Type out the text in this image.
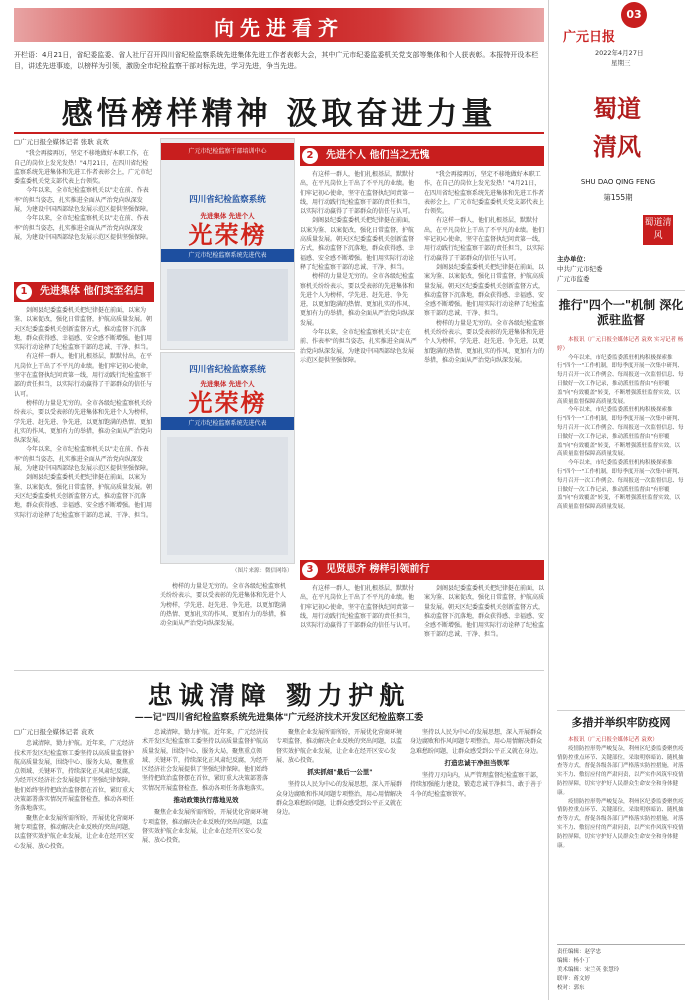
向先进看齐
开栏语：4月21日，省纪委监委、省人社厅召开四川省纪检监察系统先进集体先进工作者表彰大会，其中广元市纪委监委机关党支部等集体和个人获表彰。本报特开设本栏目，讲述先进事迹，以榜样为引领，激励全市纪检监察干部对标先进，学习先进，争当先进。
感悟榜样精神 汲取奋进力量
□广元日报全媒体记者 张耿 袁欢

"我会再接再厉，坚定不移地做好本职工作，在自己的岗位上发光发热！"4月21日，在四川省纪检监察系统先进集体和先进工作者表彰会上，广元市纪委监委机关党支部代表上台领奖。

今年以来，全市纪检监察机关以"走在前、作表率"的担当姿态，扎实推进全面从严治党向纵深发展，为建设中国西部绿色发展示范区提供坚强保障。

今年以来，全市纪检监察机关以"走在前、作表率"的担当姿态，扎实推进全面从严治党向纵深发展，为建设中国西部绿色发展示范区提供坚强保障。

1	先进集体 他们实至名归

剑阁县纪委监委机关把纪律挺在前面，以案为鉴、以案促改，强化日常监督，护航高质量发展。朝天区纪委监委机关创新监督方式，推动监督下沉落地，群众获得感、幸福感、安全感不断增强。他们用实际行动诠释了纪检监察干部的忠诚、干净、担当。

有这样一群人，他们扎根基层，默默付出，在平凡岗位上干出了不平凡的业绩。他们牢记初心使命，坚守在监督执纪问责第一线，用行动践行纪检监察干部的责任担当，以实际行动赢得了干部群众的信任与认可。

榜样的力量是无穷的。全市各级纪检监察机关纷纷表示，要以受表彰的先进集体和先进个人为榜样，学先进、赶先进、争先进，以更加饱满的热情、更加扎实的作风、更加有力的举措，推动全面从严治党向纵深发展。

今年以来，全市纪检监察机关以"走在前、作表率"的担当姿态，扎实推进全面从严治党向纵深发展，为建设中国西部绿色发展示范区提供坚强保障。

剑阁县纪委监委机关把纪律挺在前面，以案为鉴、以案促改，强化日常监督，护航高质量发展。朝天区纪委监委机关创新监督方式，推动监督下沉落地，群众获得感、幸福感、安全感不断增强。他们用实际行动诠释了纪检监察干部的忠诚、干净、担当。

广元市纪检监察干部培训中心
四川省纪检监察系统
先进集体 先进个人
光荣榜
广元市纪检监察系统先进代表
四川省纪检监察系统
先进集体 先进个人
光荣榜
广元市纪检监察系统先进代表
（图片来源：微信网络）
2	先进个人 他们当之无愧

有这样一群人，他们扎根基层，默默付出，在平凡岗位上干出了不平凡的业绩。他们牢记初心使命，坚守在监督执纪问责第一线，用行动践行纪检监察干部的责任担当，以实际行动赢得了干部群众的信任与认可。

剑阁县纪委监委机关把纪律挺在前面，以案为鉴、以案促改，强化日常监督，护航高质量发展。朝天区纪委监委机关创新监督方式，推动监督下沉落地，群众获得感、幸福感、安全感不断增强。他们用实际行动诠释了纪检监察干部的忠诚、干净、担当。

榜样的力量是无穷的。全市各级纪检监察机关纷纷表示，要以受表彰的先进集体和先进个人为榜样，学先进、赶先进、争先进，以更加饱满的热情、更加扎实的作风、更加有力的举措，推动全面从严治党向纵深发展。

今年以来，全市纪检监察机关以"走在前、作表率"的担当姿态，扎实推进全面从严治党向纵深发展，为建设中国西部绿色发展示范区提供坚强保障。

"我会再接再厉，坚定不移地做好本职工作，在自己的岗位上发光发热！"4月21日，在四川省纪检监察系统先进集体和先进工作者表彰会上，广元市纪委监委机关党支部代表上台领奖。

有这样一群人，他们扎根基层，默默付出，在平凡岗位上干出了不平凡的业绩。他们牢记初心使命，坚守在监督执纪问责第一线，用行动践行纪检监察干部的责任担当，以实际行动赢得了干部群众的信任与认可。

剑阁县纪委监委机关把纪律挺在前面，以案为鉴、以案促改，强化日常监督，护航高质量发展。朝天区纪委监委机关创新监督方式，推动监督下沉落地，群众获得感、幸福感、安全感不断增强。他们用实际行动诠释了纪检监察干部的忠诚、干净、担当。

榜样的力量是无穷的。全市各级纪检监察机关纷纷表示，要以受表彰的先进集体和先进个人为榜样，学先进、赶先进、争先进，以更加饱满的热情、更加扎实的作风、更加有力的举措，推动全面从严治党向纵深发展。

3	见贤思齐 榜样引领前行

榜样的力量是无穷的。全市各级纪检监察机关纷纷表示，要以受表彰的先进集体和先进个人为榜样，学先进、赶先进、争先进，以更加饱满的热情、更加扎实的作风、更加有力的举措，推动全面从严治党向纵深发展。

有这样一群人，他们扎根基层，默默付出，在平凡岗位上干出了不平凡的业绩。他们牢记初心使命，坚守在监督执纪问责第一线，用行动践行纪检监察干部的责任担当，以实际行动赢得了干部群众的信任与认可。

剑阁县纪委监委机关把纪律挺在前面，以案为鉴、以案促改，强化日常监督，护航高质量发展。朝天区纪委监委机关创新监督方式，推动监督下沉落地，群众获得感、幸福感、安全感不断增强。他们用实际行动诠释了纪检监察干部的忠诚、干净、担当。

忠诚清障 勠力护航
——记"四川省纪检监察系统先进集体"广元经济技术开发区纪检监察工委
□广元日报全媒体记者 袁欢

忠诚清障，勠力护航。近年来，广元经济技术开发区纪检监察工委坚持以高质量监督护航高质量发展，围绕中心、服务大局，聚焦重点领域、关键环节，持续深化正风肃纪反腐，为经开区经济社会发展提供了坚强纪律保障。他们始终坚持把政治监督摆在首位，紧盯重大决策部署落实情况开展监督检查，推动各项任务落地落实。

聚焦企业发展所需所盼，开展优化营商环境专项监督，推动解决企业反映的突出问题，以监督实效护航企业发展，让企业在经开区安心发展、放心投资。

忠诚清障，勠力护航。近年来，广元经济技术开发区纪检监察工委坚持以高质量监督护航高质量发展，围绕中心、服务大局，聚焦重点领域、关键环节，持续深化正风肃纪反腐，为经开区经济社会发展提供了坚强纪律保障。他们始终坚持把政治监督摆在首位，紧盯重大决策部署落实情况开展监督检查，推动各项任务落地落实。

推动政策执行落地见效

聚焦企业发展所需所盼，开展优化营商环境专项监督，推动解决企业反映的突出问题，以监督实效护航企业发展，让企业在经开区安心发展、放心投资。

聚焦企业发展所需所盼，开展优化营商环境专项监督，推动解决企业反映的突出问题，以监督实效护航企业发展，让企业在经开区安心发展、放心投资。

抓实抓细"最后一公里"

坚持以人民为中心的发展思想，深入开展群众身边腐败和作风问题专项整治，用心用情解决群众急难愁盼问题，让群众感受到公平正义就在身边。

坚持以人民为中心的发展思想，深入开展群众身边腐败和作风问题专项整治，用心用情解决群众急难愁盼问题，让群众感受到公平正义就在身边。

打造忠诚干净担当铁军

坚持刀刃向内，从严管理监督纪检监察干部，持续加强能力建设，锻造忠诚干净担当、敢于善于斗争的纪检监察铁军。

03
广元日报
2022年4月27日
星期三
蜀道清风
SHU DAO QING FENG
第155期
蜀道清风
主办单位：
中共广元市纪委
广元市监委
推行"四个一"机制 深化派驻监督

本报讯（广元日报全媒体记者 袁欢 实习记者 杨婷）

今年以来，市纪委监委派驻机构积极探索推行"四个一"工作机制，即每季度开展一次集中研判、每月召开一次工作例会、每周报送一次监督信息、每日做好一次工作记录，推动派驻监督由"有形覆盖"向"有效覆盖"转变，不断增强派驻监督实效，以高质量监督保障高质量发展。

今年以来，市纪委监委派驻机构积极探索推行"四个一"工作机制，即每季度开展一次集中研判、每月召开一次工作例会、每周报送一次监督信息、每日做好一次工作记录，推动派驻监督由"有形覆盖"向"有效覆盖"转变，不断增强派驻监督实效，以高质量监督保障高质量发展。

今年以来，市纪委监委派驻机构积极探索推行"四个一"工作机制，即每季度开展一次集中研判、每月召开一次工作例会、每周报送一次监督信息、每日做好一次工作记录，推动派驻监督由"有形覆盖"向"有效覆盖"转变，不断增强派驻监督实效，以高质量监督保障高质量发展。

多措并举织牢防疫网

本报讯（广元日报全媒体记者 袁欢）

疫情防控形势严峻复杂，利州区纪委监委聚焦疫情防控重点环节、关键部位，采取明察暗访、随机抽查等方式，督促各级各部门严格落实防控措施，对落实不力、敷衍应付的严肃问责，以严实作风筑牢疫情防控屏障，切实守护好人民群众生命安全和身体健康。

疫情防控形势严峻复杂，利州区纪委监委聚焦疫情防控重点环节、关键部位，采取明察暗访、随机抽查等方式，督促各级各部门严格落实防控措施，对落实不力、敷衍应付的严肃问责，以严实作风筑牢疫情防控屏障，切实守护好人民群众生命安全和身体健康。

责任编辑：赵学忠
编辑：杨小丁
美术编辑：宋兰英 张慧玲
联审：蒋文婷
校对：郭东
